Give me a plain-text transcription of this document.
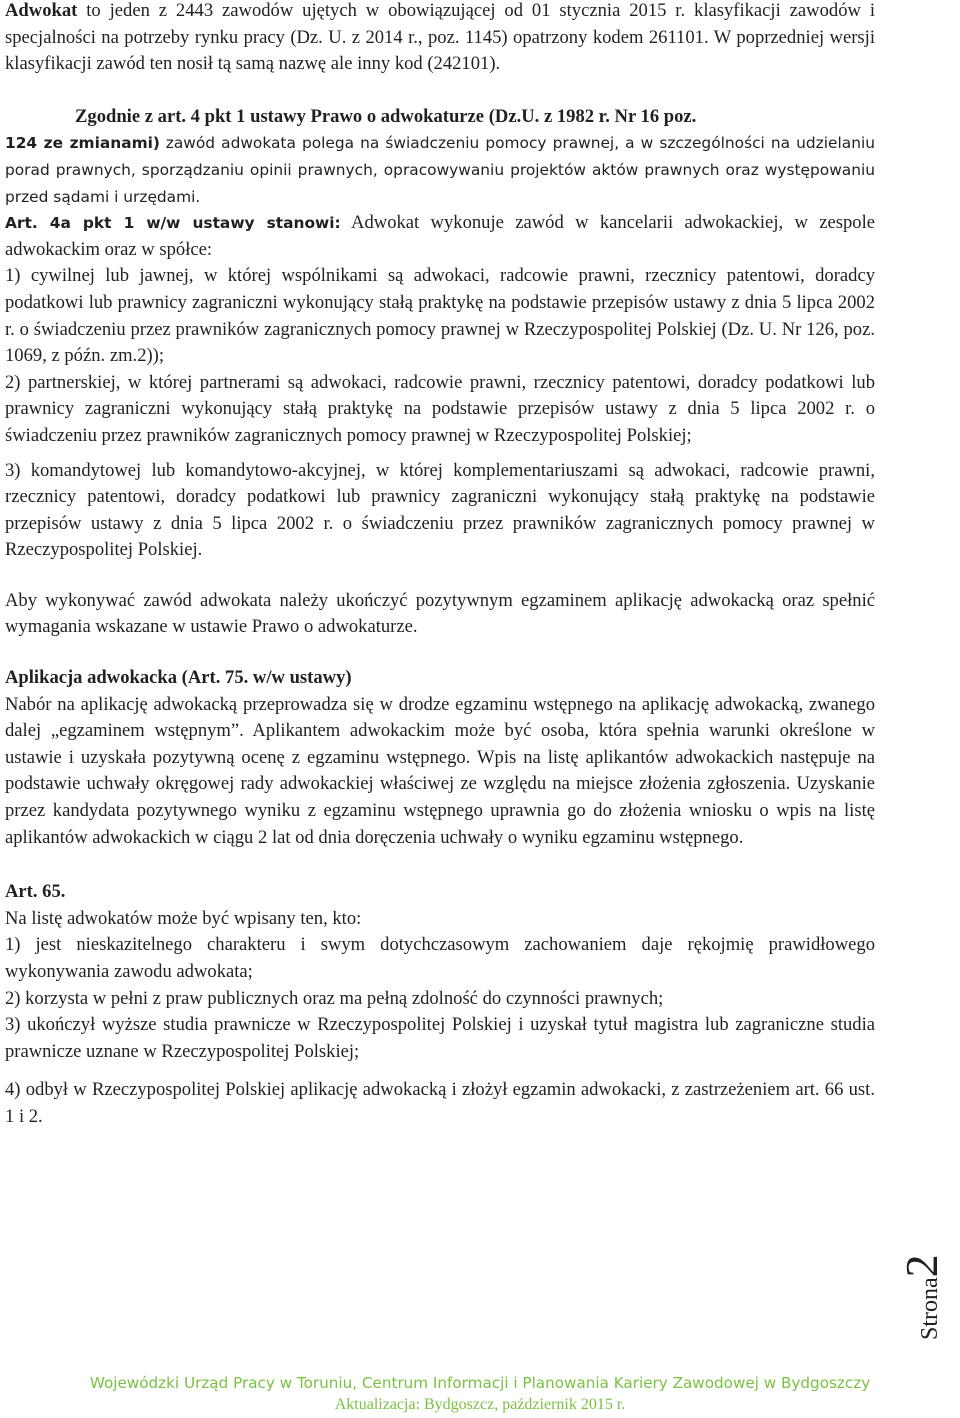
Adwokat to jeden z 2443 zawodów ujętych w obowiązującej od 01 stycznia 2015 r. klasyfikacji zawodów i specjalności na potrzeby rynku pracy (Dz. U. z 2014 r., poz. 1145) opatrzony kodem 261101. W poprzedniej wersji klasyfikacji zawód ten nosił tą samą nazwę ale inny kod (242101).

Zgodnie z art. 4 pkt 1 ustawy Prawo o adwokaturze (Dz.U. z 1982 r. Nr 16 poz.
124 ze zmianami) zawód adwokata polega na świadczeniu pomocy prawnej, a w szczególności na udzielaniu porad prawnych, sporządzaniu opinii prawnych, opracowywaniu projektów aktów prawnych oraz występowaniu przed sądami i urzędami.

Art. 4a pkt 1 w/w ustawy stanowi: Adwokat wykonuje zawód w kancelarii adwokackiej, w zespole adwokackim oraz w spółce:

1) cywilnej lub jawnej, w której wspólnikami są adwokaci, radcowie prawni, rzecznicy patentowi, doradcy podatkowi lub prawnicy zagraniczni wykonujący stałą praktykę na podstawie przepisów ustawy z dnia 5 lipca 2002 r. o świadczeniu przez prawników zagranicznych pomocy prawnej w Rzeczypospolitej Polskiej (Dz. U. Nr 126, poz. 1069, z późn. zm.2));

2) partnerskiej, w której partnerami są adwokaci, radcowie prawni, rzecznicy patentowi, doradcy podatkowi lub prawnicy zagraniczni wykonujący stałą praktykę na podstawie przepisów ustawy z dnia 5 lipca 2002 r. o świadczeniu przez prawników zagranicznych pomocy prawnej w Rzeczypospolitej Polskiej;

3) komandytowej lub komandytowo-akcyjnej, w której komplementariuszami są adwokaci, radcowie prawni, rzecznicy patentowi, doradcy podatkowi lub prawnicy zagraniczni wykonujący stałą praktykę na podstawie przepisów ustawy z dnia 5 lipca 2002 r. o świadczeniu przez prawników zagranicznych pomocy prawnej w Rzeczypospolitej Polskiej.

Aby wykonywać zawód adwokata należy ukończyć pozytywnym egzaminem aplikację adwokacką oraz spełnić wymagania wskazane w ustawie Prawo o adwokaturze.

Aplikacja adwokacka (Art. 75. w/w ustawy)

Nabór na aplikację adwokacką przeprowadza się w drodze egzaminu wstępnego na aplikację adwokacką, zwanego dalej „egzaminem wstępnym”. Aplikantem adwokackim może być osoba, która spełnia warunki określone w ustawie i uzyskała pozytywną ocenę z egzaminu wstępnego. Wpis na listę aplikantów adwokackich następuje na podstawie uchwały okręgowej rady adwokackiej właściwej ze względu na miejsce złożenia zgłoszenia. Uzyskanie przez kandydata pozytywnego wyniku z egzaminu wstępnego uprawnia go do złożenia wniosku o wpis na listę aplikantów adwokackich w ciągu 2 lat od dnia doręczenia uchwały o wyniku egzaminu wstępnego.

Art. 65.

Na listę adwokatów może być wpisany ten, kto:

1) jest nieskazitelnego charakteru i swym dotychczasowym zachowaniem daje rękojmię prawidłowego wykonywania zawodu adwokata;

2) korzysta w pełni z praw publicznych oraz ma pełną zdolność do czynności prawnych;

3) ukończył wyższe studia prawnicze w Rzeczypospolitej Polskiej i uzyskał tytuł magistra lub zagraniczne studia prawnicze uznane w Rzeczypospolitej Polskiej;

4) odbył w Rzeczypospolitej Polskiej aplikację adwokacką i złożył egzamin adwokacki, z zastrzeżeniem art. 66 ust. 1 i 2.

Strona2
Wojewódzki Urząd Pracy w Toruniu, Centrum Informacji i Planowania Kariery Zawodowej w Bydgoszczy
Aktualizacja: Bydgoszcz, październik 2015 r.
